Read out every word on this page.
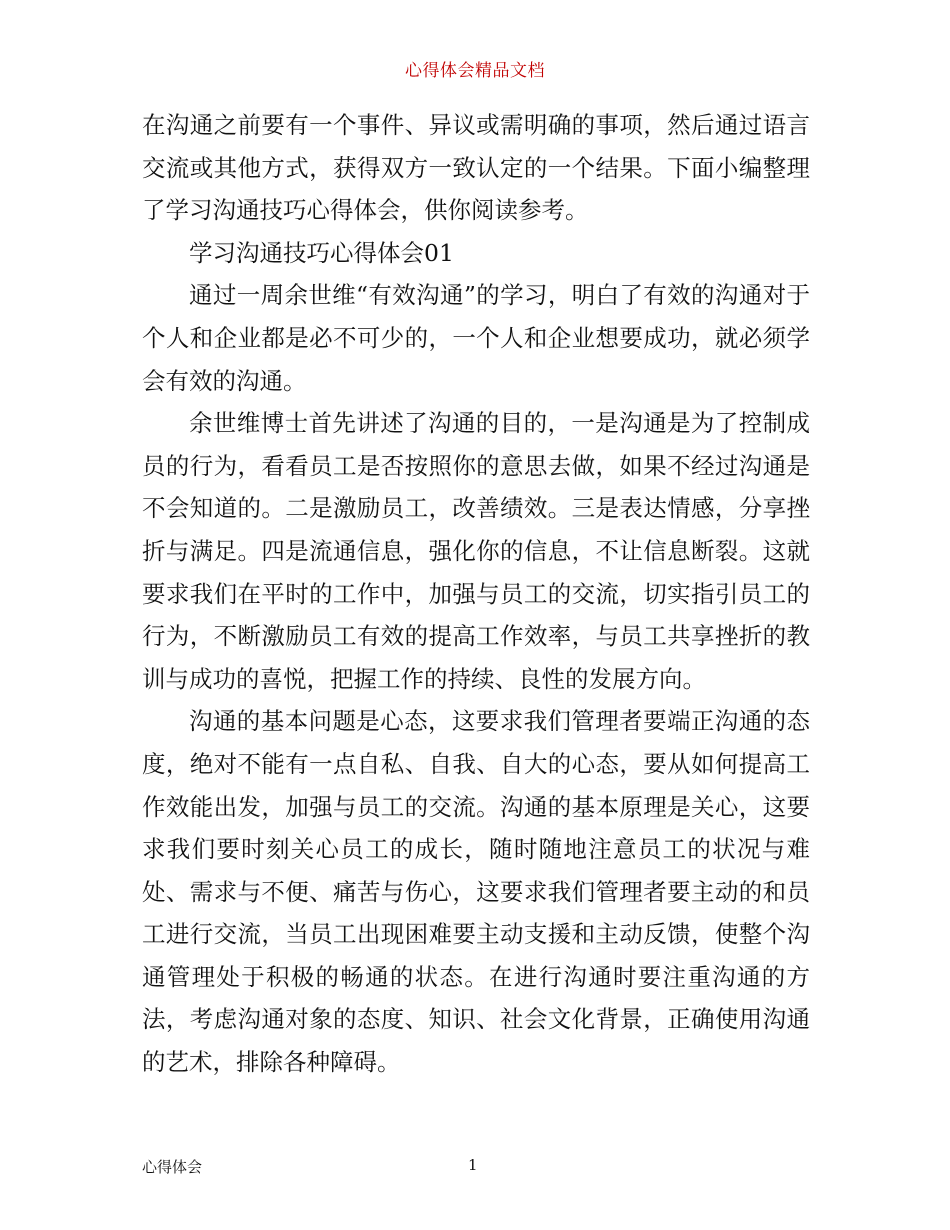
心得体会精品文档

在沟通之前要有一个事件、异议或需明确的事项，然后通过语言交流或其他方式，获得双方一致认定的一个结果。下面小编整理了学习沟通技巧心得体会，供你阅读参考。

学习沟通技巧心得体会01

通过一周余世维“有效沟通”的学习，明白了有效的沟通对于个人和企业都是必不可少的，一个人和企业想要成功，就必须学会有效的沟通。

余世维博士首先讲述了沟通的目的，一是沟通是为了控制成员的行为，看看员工是否按照你的意思去做，如果不经过沟通是不会知道的。二是激励员工，改善绩效。三是表达情感，分享挫折与满足。四是流通信息，强化你的信息，不让信息断裂。这就要求我们在平时的工作中，加强与员工的交流，切实指引员工的行为，不断激励员工有效的提高工作效率，与员工共享挫折的教训与成功的喜悦，把握工作的持续、良性的发展方向。

沟通的基本问题是心态，这要求我们管理者要端正沟通的态度，绝对不能有一点自私、自我、自大的心态，要从如何提高工作效能出发，加强与员工的交流。沟通的基本原理是关心，这要求我们要时刻关心员工的成长，随时随地注意员工的状况与难处、需求与不便、痛苦与伤心，这要求我们管理者要主动的和员工进行交流，当员工出现困难要主动支援和主动反馈，使整个沟通管理处于积极的畅通的状态。在进行沟通时要注重沟通的方法，考虑沟通对象的态度、知识、社会文化背景，正确使用沟通的艺术，排除各种障碍。

心得体会	1
